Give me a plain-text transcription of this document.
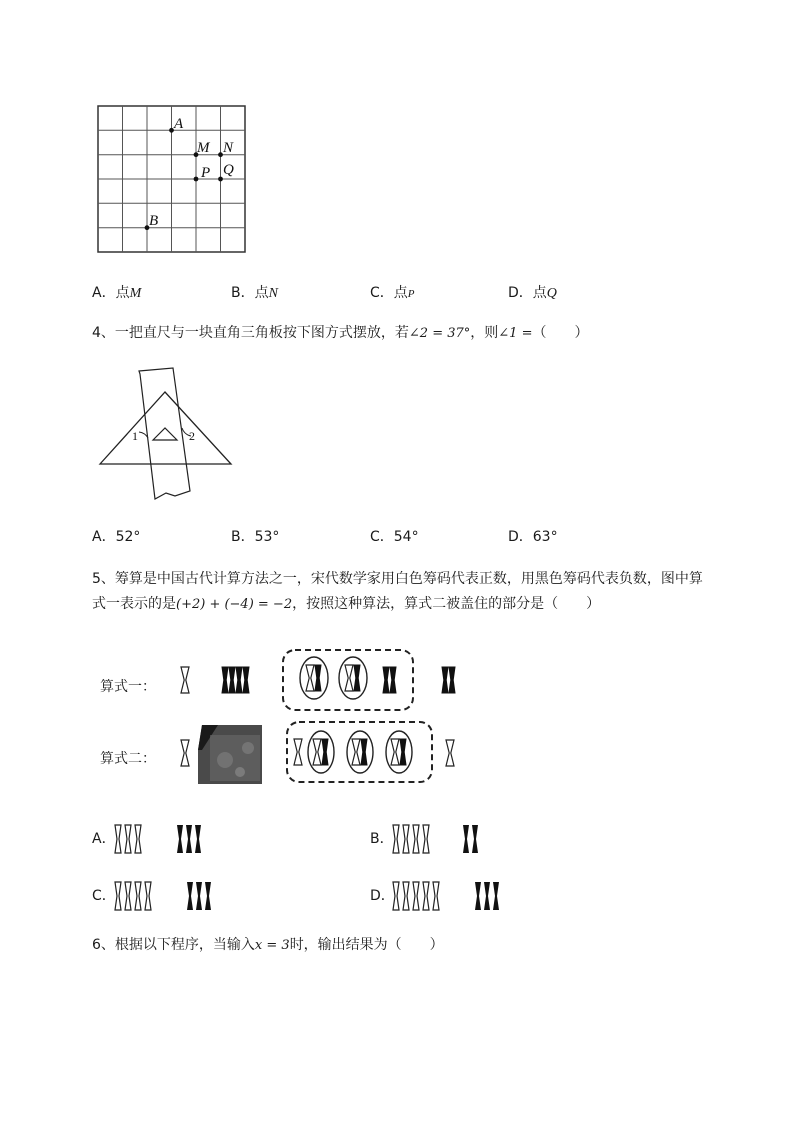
A
M N
P Q
B
A．点M	B．点N	C．点P	D．点Q
4、一把直尺与一块直角三角板按下图方式摆放，若∠2 = 37°，则∠1 =（　　）
1	2
A．52°	B．53°	C．54°	D．63°
5、筹算是中国古代计算方法之一，宋代数学家用白色筹码代表正数，用黑色筹码代表负数，图中算
式一表示的是(+2) + (−4) = −2，按照这种算法，算式二被盖住的部分是（　　）
算式一：
算式二：
A．	B．
C．	D．
6、根据以下程序，当输入x = 3时，输出结果为（　　）
